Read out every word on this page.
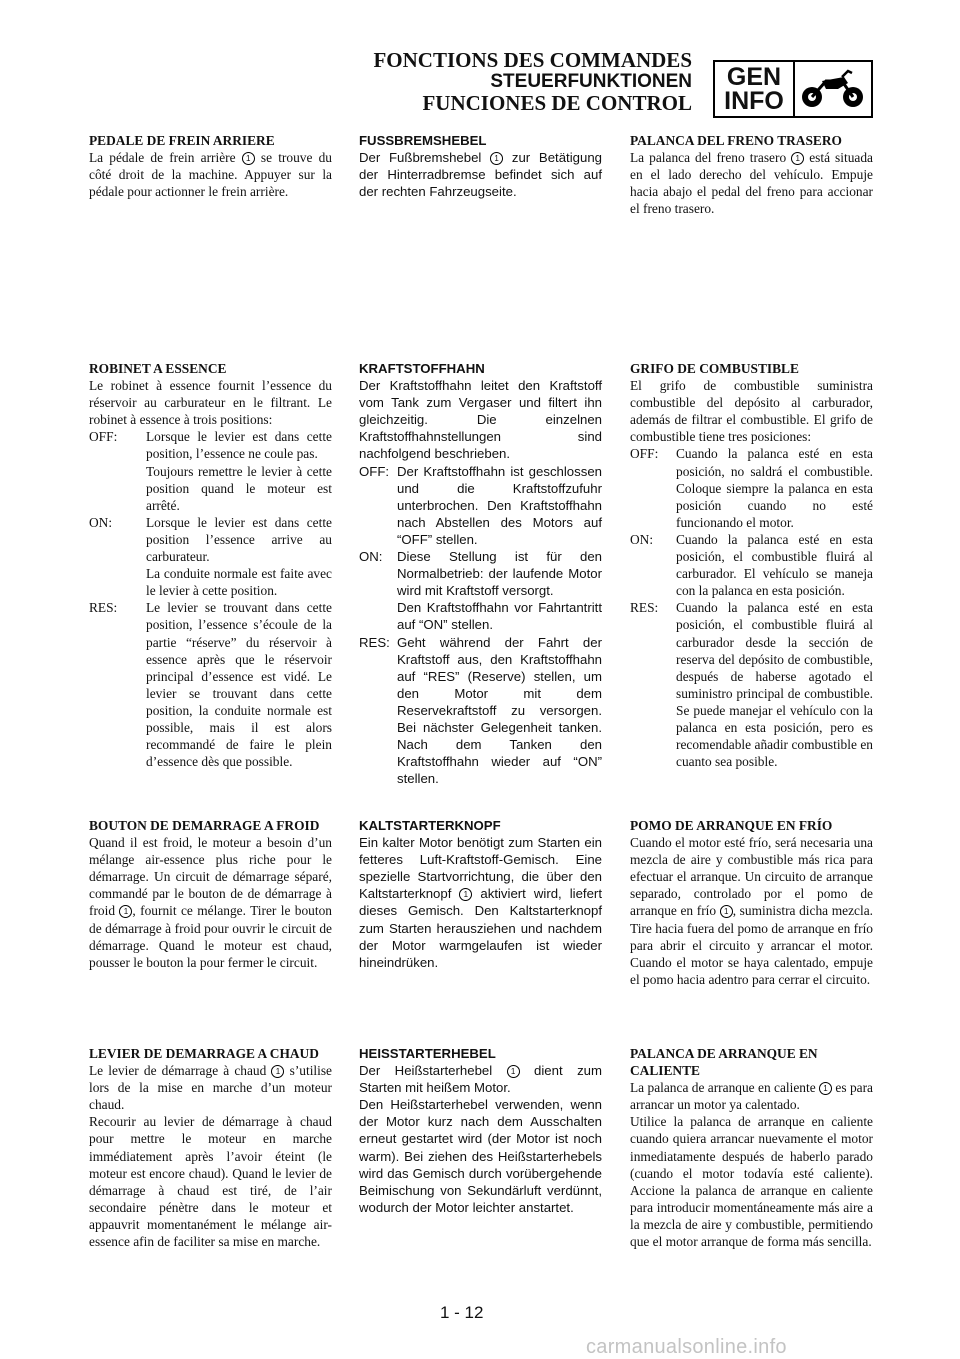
FONCTIONS DES COMMANDES
STEUERFUNKTIONEN
FUNCIONES DE CONTROL
GEN
INFO
PEDALE DE FREIN ARRIERE

La pédale de frein arrière 1 se trouve du côté droit de la machine. Appuyer sur la pédale pour actionner le frein arrière.

FUSSBREMSHEBEL

Der Fußbremshebel 1 zur Betätigung der Hinterradbremse befindet sich auf der rechten Fahrzeugseite.

PALANCA DEL FRENO TRASERO

La palanca del freno trasero 1 está situada en el lado derecho del vehículo. Empuje hacia abajo el pedal del freno para accionar el freno trasero.

ROBINET A ESSENCE

Le robinet à essence fournit l’essence du réservoir au carburateur en le filtrant. Le robinet à essence à trois positions:

OFF:	Lorsque le levier est dans cette position, l’essence ne coule pas.
Toujours remettre le levier à cette position quand le moteur est arrêté.
ON:	Lorsque le levier est dans cette position l’essence arrive au carburateur.
La conduite normale est faite avec le levier à cette position.
RES:	Le levier se trouvant dans cette position, l’essence s’écoule de la partie “réserve” du réservoir à essence après que le réservoir principal d’essence est vidé. Le levier se trouvant dans cette position, la conduite normale est possible, mais il est alors recommandé de faire le plein d’essence dès que possible.
KRAFTSTOFFHAHN

Der Kraftstoffhahn leitet den Kraftstoff vom Tank zum Vergaser und filtert ihn gleichzeitig. Die einzelnen Kraftstoffhahnstellungen sind nachfolgend beschrieben.

OFF: Der Kraftstoffhahn ist geschlossen und die Kraftstoffzufuhr unterbrochen. Den Kraftstoffhahn nach Abstellen des Motors auf “OFF” stellen.
ON:	Diese Stellung ist für den Normalbetrieb: der laufende Motor wird mit Kraftstoff versorgt.
Den Kraftstoffhahn vor Fahrtantritt auf “ON” stellen.
RES: Geht während der Fahrt der Kraftstoff aus, den Kraftstoffhahn auf “RES” (Reserve) stellen, um den Motor mit dem Reservekraftstoff zu versorgen. Bei nächster Gelegenheit tanken. Nach dem Tanken den Kraftstoffhahn wieder auf “ON” stellen.
GRIFO DE COMBUSTIBLE

El grifo de combustible suministra combustible del depósito al carburador, además de filtrar el combustible. El grifo de combustible tiene tres posiciones:

OFF:	Cuando la palanca esté en esta posición, no saldrá el combustible. Coloque siempre la palanca en esta posición cuando no esté funcionando el motor.
ON:	Cuando la palanca esté en esta posición, el combustible fluirá al carburador. El vehículo se maneja con la palanca en esta posición.
RES:	Cuando la palanca esté en esta posición, el combustible fluirá al carburador desde la sección de reserva del depósito de combustible, después de haberse agotado el suministro principal de combustible. Se puede manejar el vehículo con la palanca en esta posición, pero es recomendable añadir combustible en cuanto sea posible.
BOUTON DE DEMARRAGE A FROID

Quand il est froid, le moteur a besoin d’un mélange air-essence plus riche pour le démarrage. Un circuit de démarrage séparé, commandé par le bouton de de démarrage à froid 1 , fournit ce mélange. Tirer le bouton de démarrage à froid pour ouvrir le circuit de démarrage. Quand le moteur est chaud, pousser le bouton la pour fermer le circuit.

KALTSTARTERKNOPF

Ein kalter Motor benötigt zum Starten ein fetteres Luft-Kraftstoff-Gemisch. Eine spezielle Startvorrichtung, die über den Kaltstarterknopf 1 aktiviert wird, liefert dieses Gemisch. Den Kaltstarterknopf zum Starten herausziehen und nachdem der Motor warmgelaufen ist wieder hineindrüken.

POMO DE ARRANQUE EN FRÍO

Cuando el motor esté frío, será necesaria una mezcla de aire y combustible más rica para efectuar el arranque. Un circuito de arranque separado, controlado por el pomo de arranque en frío 1 , suministra dicha mezcla. Tire hacia fuera del pomo de arranque en frío para abrir el circuito y arrancar el motor. Cuando el motor se haya calentado, empuje el pomo hacia adentro para cerrar el circuito.

LEVIER DE DEMARRAGE A CHAUD

Le levier de démarrage à chaud 1 s’utilise lors de la mise en marche d’un moteur chaud.

Recourir au levier de démarrage à chaud pour mettre le moteur en marche immédiatement après l’avoir éteint (le moteur est encore chaud). Quand le levier de démarrage à chaud est tiré, de l’air secondaire pénètre dans le moteur et appauvrit momentanément le mélange air-essence afin de faciliter sa mise en marche.

HEISSTARTERHEBEL

Der Heißstarterhebel 1 dient zum Starten mit heißem Motor.

Den Heißstarterhebel verwenden, wenn der Motor kurz nach dem Ausschalten erneut gestartet wird (der Motor ist noch warm). Bei ziehen des Heißstarterhebels wird das Gemisch durch vorübergehende Beimischung von Sekundärluft verdünnt, wodurch der Motor leichter anstartet.

PALANCA DE ARRANQUE EN CALIENTE

La palanca de arranque en caliente 1 es para arrancar un motor ya calentado.

Utilice la palanca de arranque en caliente cuando quiera arrancar nuevamente el motor inmediatamente después de haberlo parado (cuando el motor todavía esté caliente). Accione la palanca de arranque en caliente para introducir momentáneamente más aire a la mezcla de aire y combustible, permitiendo que el motor arranque de forma más sencilla.

1 - 12
carmanualsonline.info
